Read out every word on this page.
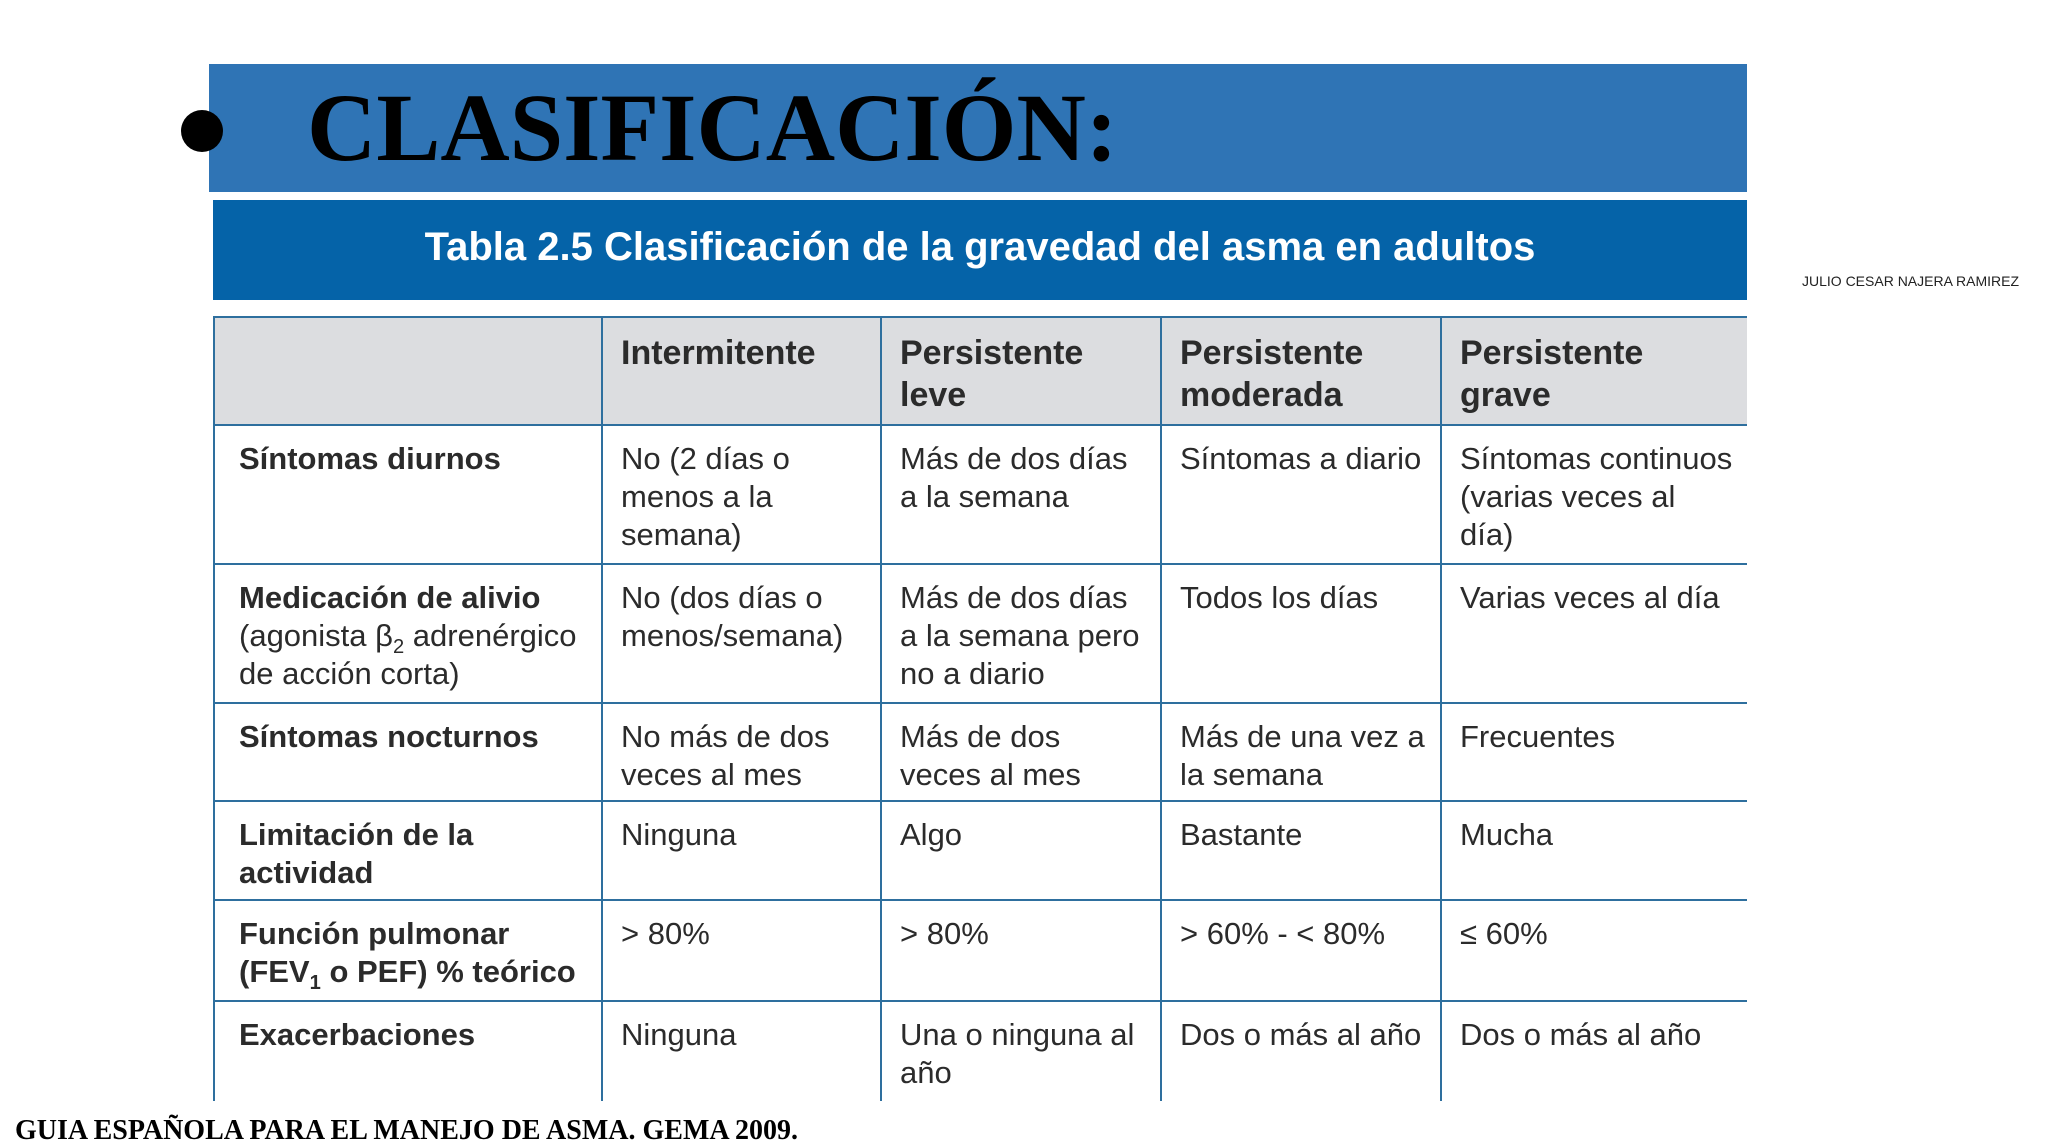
CLASIFICACIÓN:
Tabla 2.5 Clasificación de la gravedad del asma en adultos
JULIO CESAR NAJERA RAMIREZ
	Intermitente	Persistente leve	Persistente moderada	Persistente grave
Síntomas diurnos	No (2 días o menos a la semana)	Más de dos días a la semana	Síntomas a diario	Síntomas continuos (varias veces al día)
Medicación de alivio
(agonista $\beta_2$ adrenérgico de acción corta)	No (dos días o menos/semana)	Más de dos días a la semana pero no a diario	Todos los días	Varias veces al día
Síntomas nocturnos	No más de dos veces al mes	Más de dos veces al mes	Más de una vez a la semana	Frecuentes
Limitación de la actividad	Ninguna	Algo	Bastante	Mucha
Función pulmonar ($FEV_1$ o PEF) % teórico	> 80%	> 80%	> 60% - < 80%	≤ 60%
Exacerbaciones	Ninguna	Una o ninguna al año	Dos o más al año	Dos o más al año
GUIA ESPAÑOLA PARA EL MANEJO DE ASMA. GEMA 2009.
